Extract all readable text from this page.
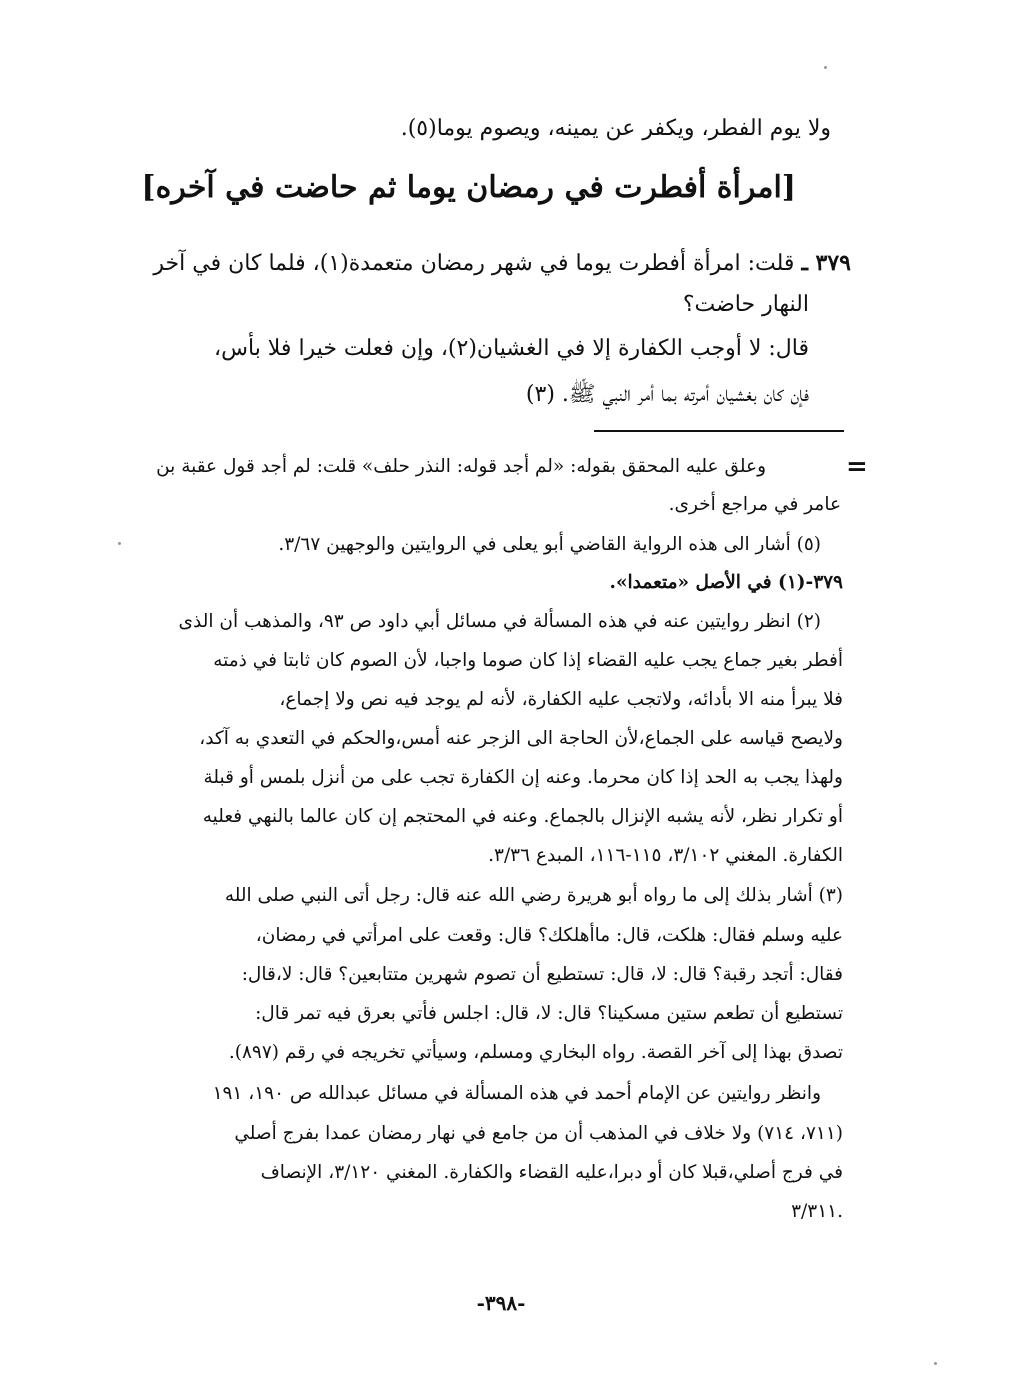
ولا يوم الفطر، ويكفر عن يمينه، ويصوم يوما(٥).
[امرأة أفطرت في رمضان يوما ثم حاضت في آخره]
٣٧٩ ـ قلت: امرأة أفطرت يوما في شهر رمضان متعمدة(١)، فلما كان في آخر
النهار حاضت؟
قال: لا أوجب الكفارة إلا في الغشيان(٢)، وإن فعلت خيرا فلا بأس،
فإن كان بغشيان أمرته بما أمر النبي ﷺ. (٣)
=
وعلق عليه المحقق بقوله: «لم أجد قوله: النذر حلف» قلت: لم أجد قول عقبة بن
عامر في مراجع أخرى.
(٥) أشار الى هذه الرواية القاضي أبو يعلى في الروايتين والوجهين ٣/٦٧.
٣٧٩-(١) في الأصل «متعمدا».
(٢) انظر روايتين عنه في هذه المسألة في مسائل أبي داود ص ٩٣، والمذهب أن الذى
أفطر بغير جماع يجب عليه القضاء إذا كان صوما واجبا، لأن الصوم كان ثابتا في ذمته
فلا يبرأ منه الا بأدائه، ولاتجب عليه الكفارة، لأنه لم يوجد فيه نص ولا إجماع،
ولايصح قياسه على الجماع،لأن الحاجة الى الزجر عنه أمس،والحكم في التعدي به آكد،
ولهذا يجب به الحد إذا كان محرما. وعنه إن الكفارة تجب على من أنزل بلمس أو قبلة
أو تكرار نظر، لأنه يشبه الإنزال بالجماع. وعنه في المحتجم إن كان عالما بالنهي فعليه
الكفارة. المغني ٣/١٠٢، ١١٥-١١٦، المبدع ٣/٣٦.
(٣) أشار بذلك إلى ما رواه أبو هريرة رضي الله عنه قال: رجل أتى النبي صلى الله
عليه وسلم فقال: هلكت، قال: ماأهلكك؟ قال: وقعت على امرأتي في رمضان،
فقال: أتجد رقبة؟ قال: لا، قال: تستطيع أن تصوم شهرين متتابعين؟ قال: لا،قال:
تستطيع أن تطعم ستين مسكينا؟ قال: لا، قال: اجلس فأتي بعرق فيه تمر قال:
تصدق بهذا إلى آخر القصة. رواه البخاري ومسلم، وسيأتي تخريجه في رقم (٨٩٧).
وانظر روايتين عن الإمام أحمد في هذه المسألة في مسائل عبدالله ص ١٩٠، ١٩١
(٧١١، ٧١٤) ولا خلاف في المذهب أن من جامع في نهار رمضان عمدا بفرج أصلي
في فرج أصلي،قبلا كان أو دبرا،عليه القضاء والكفارة. المغني ٣/١٢٠، الإنصاف
٣/٣١١.
-٣٩٨-
